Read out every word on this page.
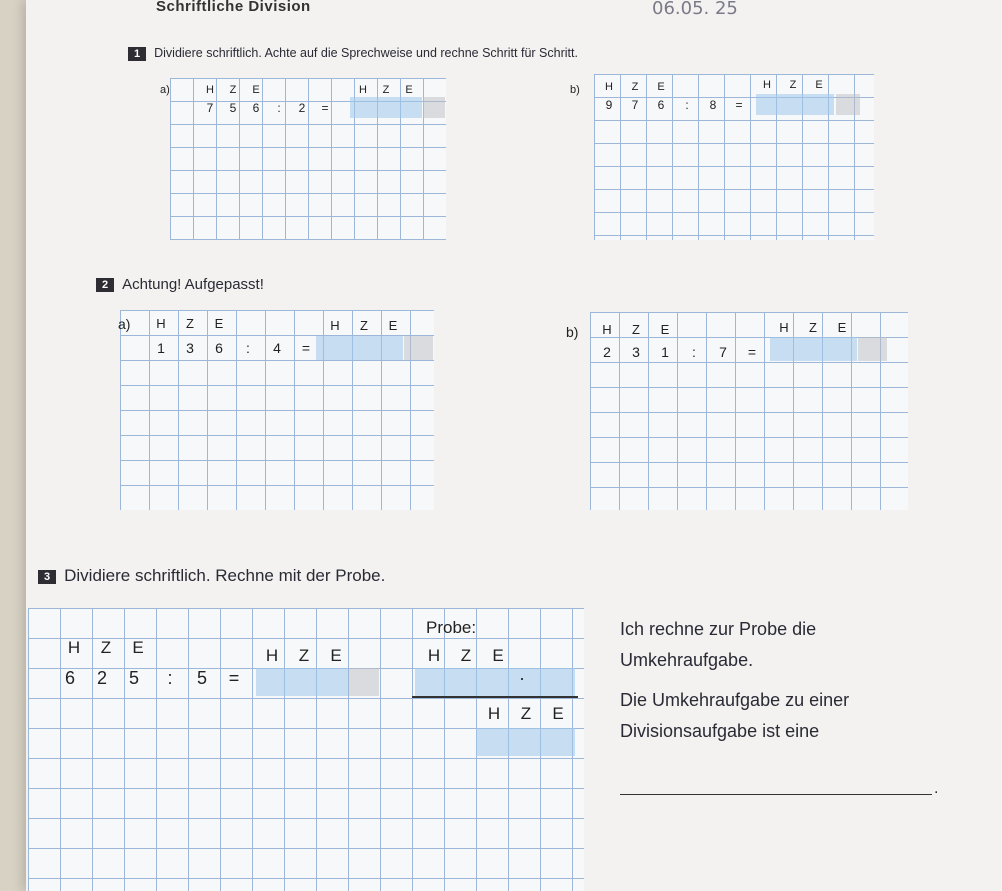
Schriftliche Division	06.05. 25
1 Dividiere schriftlich. Achte auf die Sprechweise und rechne Schritt für Schritt.
a)	H	Z	E	H	Z	E
7	5	6	:	2	=
b) H	Z	E	H	Z	E
9	7	6	:	8	=
2 Achtung! Aufgepasst!
a) H	Z	E	H	Z	E
1 3 6	:	4 =
b) H	Z	E	H	Z	E
2 3 1	:	7 =
3 Dividiere schriftlich. Rechne mit der Probe.
H Z E	H Z E
6 2 5	:	5 =
Probe:
H Z E
·
H Z E
Ich rechne zur Probe die
Umkehraufgabe.
Die Umkehraufgabe zu einer
Divisionsaufgabe ist eine
.
